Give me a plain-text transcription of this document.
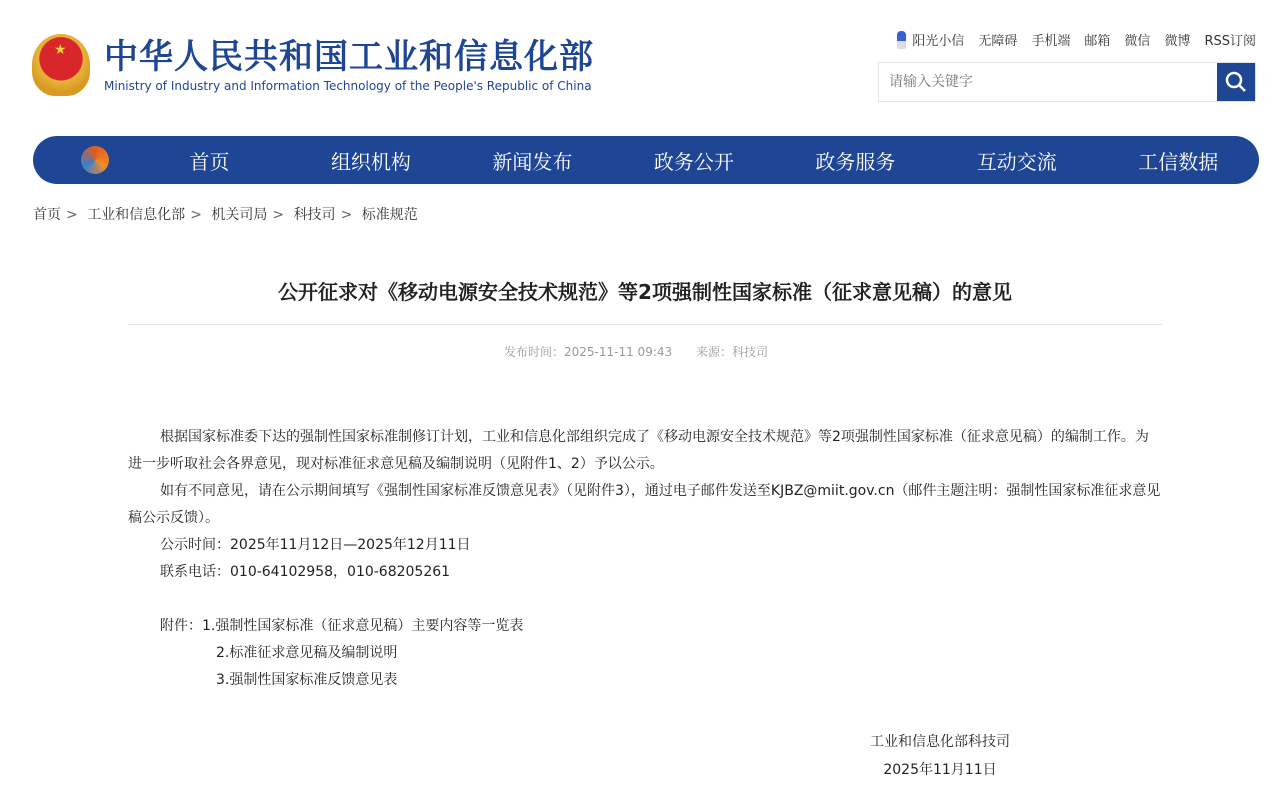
★ 中华人民共和国工业和信息化部
Ministry of Industry and Information Technology of the People's Republic of China
阳光小信 无障碍 手机端 邮箱 微信 微博 RSS订阅
请输入关键字
首页	组织机构	新闻发布	政务公开	政务服务	互动交流	工信数据
首页 > 工业和信息化部 > 机关司局 > 科技司 > 标准规范
公开征求对《移动电源安全技术规范》等2项强制性国家标准（征求意见稿）的意见
发布时间：2025-11-11 09:43 来源：科技司

根据国家标准委下达的强制性国家标准制修订计划，工业和信息化部组织完成了《移动电源安全技术规范》等2项强制性国家标准（征求意见稿）的编制工作。为进一步听取社会各界意见，现对标准征求意见稿及编制说明（见附件1、2）予以公示。

如有不同意见，请在公示期间填写《强制性国家标准反馈意见表》（见附件3），通过电子邮件发送至KJBZ@miit.gov.cn（邮件主题注明：强制性国家标准征求意见稿公示反馈）。

公示时间：2025年11月12日—2025年12月11日
联系电话：010-64102958，010-68205261
附件：1.强制性国家标准（征求意见稿）主要内容等一览表
2.标准征求意见稿及编制说明
3.强制性国家标准反馈意见表
工业和信息化部科技司
2025年11月11日
